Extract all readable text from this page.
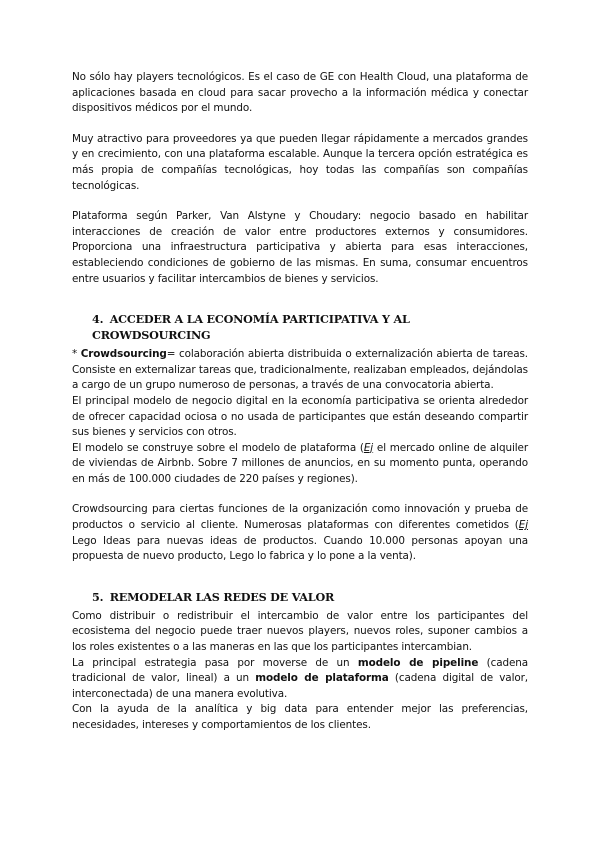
No sólo hay players tecnológicos. Es el caso de GE con Health Cloud, una plataforma de aplicaciones basada en cloud para sacar provecho a la información médica y conectar dispositivos médicos por el mundo.

Muy atractivo para proveedores ya que pueden llegar rápidamente a mercados grandes y en crecimiento, con una plataforma escalable. Aunque la tercera opción estratégica es más propia de compañías tecnológicas, hoy todas las compañías son compañías tecnológicas.

Plataforma según Parker, Van Alstyne y Choudary: negocio basado en habilitar interacciones de creación de valor entre productores externos y consumidores. Proporciona una infraestructura participativa y abierta para esas interacciones, estableciendo condiciones de gobierno de las mismas. En suma, consumar encuentros entre usuarios y facilitar intercambios de bienes y servicios.

4. ACCEDER A LA ECONOMÍA PARTICIPATIVA Y AL CROWDSOURCING

* Crowdsourcing= colaboración abierta distribuida o externalización abierta de tareas. Consiste en externalizar tareas que, tradicionalmente, realizaban empleados, dejándolas a cargo de un grupo numeroso de personas, a través de una convocatoria abierta.

El principal modelo de negocio digital en la economía participativa se orienta alrededor de ofrecer capacidad ociosa o no usada de participantes que están deseando compartir sus bienes y servicios con otros.

El modelo se construye sobre el modelo de plataforma (Ej el mercado online de alquiler de viviendas de Airbnb. Sobre 7 millones de anuncios, en su momento punta, operando en más de 100.000 ciudades de 220 países y regiones).

Crowdsourcing para ciertas funciones de la organización como innovación y prueba de productos o servicio al cliente. Numerosas plataformas con diferentes cometidos (Ej Lego Ideas para nuevas ideas de productos. Cuando 10.000 personas apoyan una propuesta de nuevo producto, Lego lo fabrica y lo pone a la venta).

5. REMODELAR LAS REDES DE VALOR

Como distribuir o redistribuir el intercambio de valor entre los participantes del ecosistema del negocio puede traer nuevos players, nuevos roles, suponer cambios a los roles existentes o a las maneras en las que los participantes intercambian.

La principal estrategia pasa por moverse de un modelo de pipeline (cadena tradicional de valor, lineal) a un modelo de plataforma (cadena digital de valor, interconectada) de una manera evolutiva.

Con la ayuda de la analítica y big data para entender mejor las preferencias, necesidades, intereses y comportamientos de los clientes.
